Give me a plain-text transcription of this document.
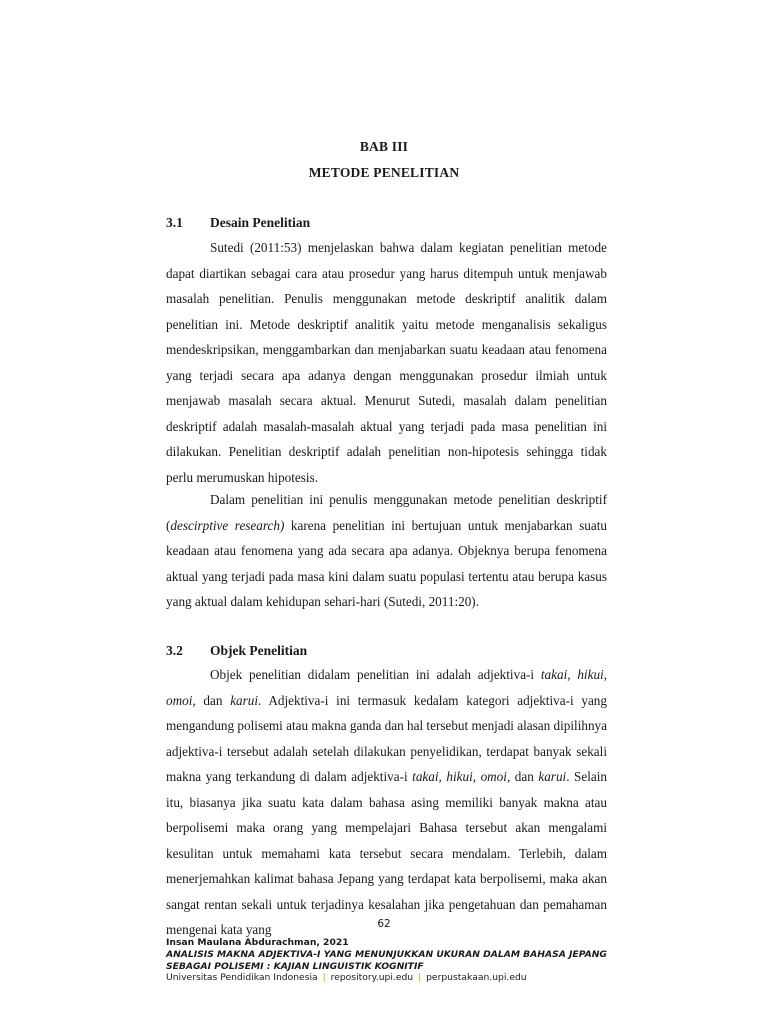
BAB III
METODE PENELITIAN
3.1 Desain Penelitian

Sutedi (2011:53) menjelaskan bahwa dalam kegiatan penelitian metode dapat diartikan sebagai cara atau prosedur yang harus ditempuh untuk menjawab masalah penelitian. Penulis menggunakan metode deskriptif analitik dalam penelitian ini. Metode deskriptif analitik yaitu metode menganalisis sekaligus mendeskripsikan, menggambarkan dan menjabarkan suatu keadaan atau fenomena yang terjadi secara apa adanya dengan menggunakan prosedur ilmiah untuk menjawab masalah secara aktual. Menurut Sutedi, masalah dalam penelitian deskriptif adalah masalah-masalah aktual yang terjadi pada masa penelitian ini dilakukan. Penelitian deskriptif adalah penelitian non-hipotesis sehingga tidak perlu merumuskan hipotesis.

Dalam penelitian ini penulis menggunakan metode penelitian deskriptif (descirptive research) karena penelitian ini bertujuan untuk menjabarkan suatu keadaan atau fenomena yang ada secara apa adanya. Objeknya berupa fenomena aktual yang terjadi pada masa kini dalam suatu populasi tertentu atau berupa kasus yang aktual dalam kehidupan sehari-hari (Sutedi, 2011:20).

3.2 Objek Penelitian

Objek penelitian didalam penelitian ini adalah adjektiva-i takai, hikui, omoi, dan karui. Adjektiva-i ini termasuk kedalam kategori adjektiva-i yang mengandung polisemi atau makna ganda dan hal tersebut menjadi alasan dipilihnya adjektiva-i tersebut adalah setelah dilakukan penyelidikan, terdapat banyak sekali makna yang terkandung di dalam adjektiva-i takai, hikui, omoi, dan karui. Selain itu, biasanya jika suatu kata dalam bahasa asing memiliki banyak makna atau berpolisemi maka orang yang mempelajari Bahasa tersebut akan mengalami kesulitan untuk memahami kata tersebut secara mendalam. Terlebih, dalam menerjemahkan kalimat bahasa Jepang yang terdapat kata berpolisemi, maka akan sangat rentan sekali untuk terjadinya kesalahan jika pengetahuan dan pemahaman mengenai kata yang	62
Insan Maulana Abdurachman, 2021
ANALISIS MAKNA ADJEKTIVA-I YANG MENUNJUKKAN UKURAN DALAM BAHASA JEPANG SEBAGAI POLISEMI : KAJIAN LINGUISTIK KOGNITIF
Universitas Pendidikan Indonesia | repository.upi.edu | perpustakaan.upi.edu
